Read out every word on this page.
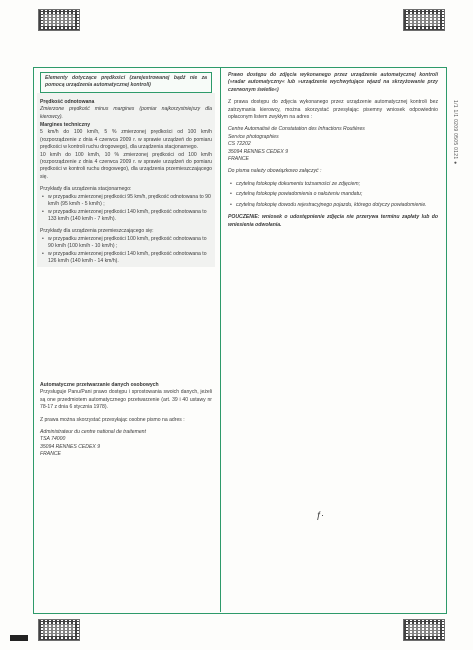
1/1 1/1 0209 0505 0121 ●
Elementy dotyczące prędkości (zarejestrowanej bądź nie za pomocą urządzenia automatycznej kontroli)
Prędkość odnotowana

Zmierzone prędkość minus margines (pomiar najkorzystniejszy dla kierowcy).

Margines techniczny

5 km/h do 100 km/h, 5 % zmierzonej prędkości od 100 km/h (rozporządzenie z dnia 4 czerwca 2009 r. w sprawie urządzeń do pomiaru prędkości w kontroli ruchu drogowego), dla urządzenia stacjonarnego.

10 km/h do 100 km/h, 10 % zmierzonej prędkości od 100 km/h (rozporządzenie z dnia 4 czerwca 2009 r. w sprawie urządzeń do pomiaru prędkości w kontroli ruchu drogowego), dla urządzenia przemieszczającego się.

Przykłady dla urządzenia stacjonarnego:

• w przypadku zmierzonej prędkości 95 km/h, prędkość odnotowana to 90 km/h (95 km/h - 5 km/h) ;
• w przypadku zmierzonej prędkości 140 km/h, prędkość odnotowana to 133 km/h (140 km/h - 7 km/h).

Przykłady dla urządzenia przemieszczającego się:

• w przypadku zmierzonej prędkości 100 km/h, prędkość odnotowana to 90 km/h (100 km/h - 10 km/h) ;
• w przypadku zmierzonej prędkości 140 km/h, prędkość odnotowana to 126 km/h (140 km/h - 14 km/h).
Automatyczne przetwarzanie danych osobowych

Przysługuje Panu/Pani prawo dostępu i sprostowania swoich danych, jeżeli są one przedmiotem automatycznego przetwarzenie (art. 39 i 40 ustawy nr 78-17 z dnia 6 stycznia 1978).

Z prawa można skorzystać przesyłając osobne pismo na adres :

Administrateur du centre national de traitement
TSA 74000
35094 RENNES CEDEX 9
FRANCE
Prawo dostępu do zdjęcia wykonanego przez urządzenie automatycznej kontroli (»radar automatyczny« lub »urządzenie wychwytujące wjazd na skrzyżowanie przy czerwonym świetle«)

Z prawa dostępu do zdjęcia wykonanego przez urządzenie automatycznej kontroli bez zatrzymania kierowcy, można skorzystać przesyłając pisemny wniosek odpowiednio opłaconym listem zwykłym na adres :

Centre Automatisé de Constatation des Infractions Routières
Service photographies
CS 72202
35094 RENNES CEDEX 9
FRANCE

Do pisma należy obowiązkowo załączyć :

• czytelną fotokopię dokumentu tożsamości ze zdjęciem;
• czytelną fotokopię powiadomienia o nałożeniu mandatu;
• czytelną fotokopię dowodu rejestracyjnego pojazdu, którego dotyczy powiadomienie.

POUCZENIE: wniosek o udostępnienie zdjęcia nie przerywa terminu zapłaty lub do wniesienia odwołania.

ƒ·
